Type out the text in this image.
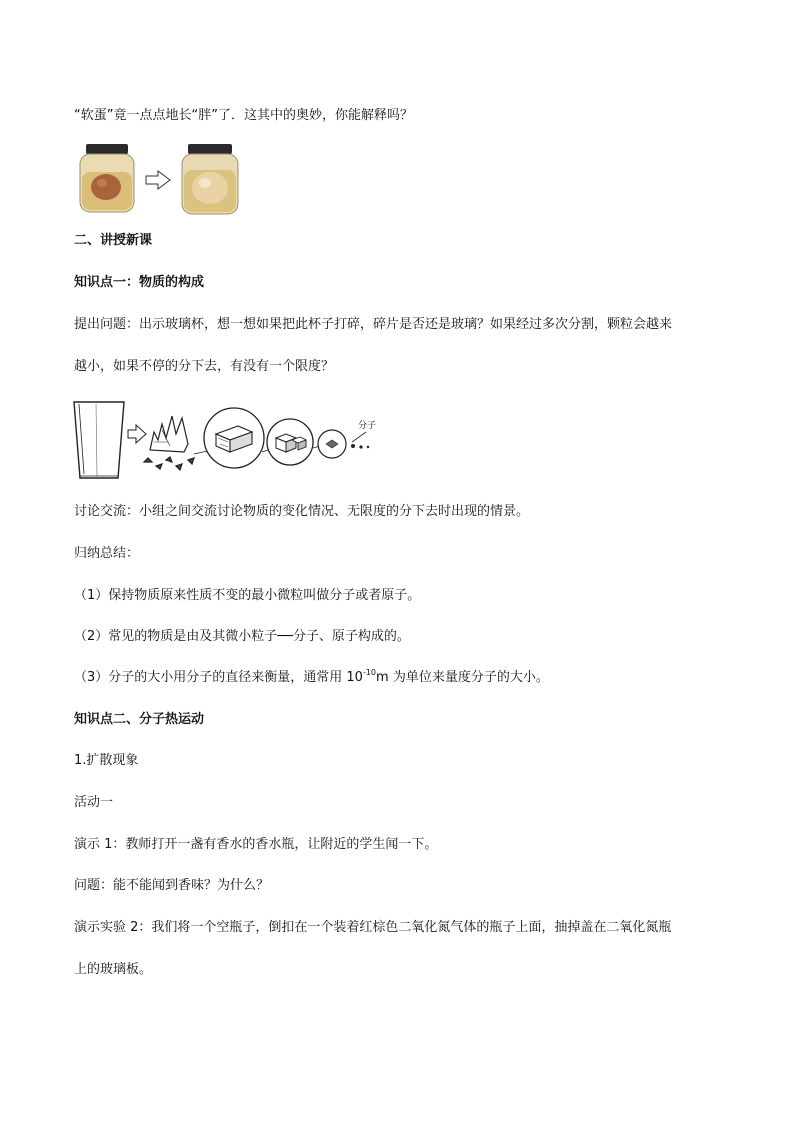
“软蛋”竟一点点地长“胖”了．这其中的奥妙，你能解释吗？
二、讲授新课
知识点一：物质的构成
提出问题：出示玻璃杯，想一想如果把此杯子打碎，碎片是否还是玻璃？如果经过多次分割，颗粒会越来
越小，如果不停的分下去，有没有一个限度？
分子
讨论交流：小组之间交流讨论物质的变化情况、无限度的分下去时出现的情景。
归纳总结：
（1）保持物质原来性质不变的最小微粒叫做分子或者原子。
（2）常见的物质是由及其微小粒子──分子、原子构成的。
（3）分子的大小用分子的直径来衡量，通常用 $10^{-10}m$ 为单位来量度分子的大小。
知识点二、分子热运动
1.扩散现象
活动一
演示 1：教师打开一盏有香水的香水瓶，让附近的学生闻一下。
问题：能不能闻到香味？为什么？
演示实验 2：我们将一个空瓶子，倒扣在一个装着红棕色二氧化氮气体的瓶子上面，抽掉盖在二氧化氮瓶
上的玻璃板。
